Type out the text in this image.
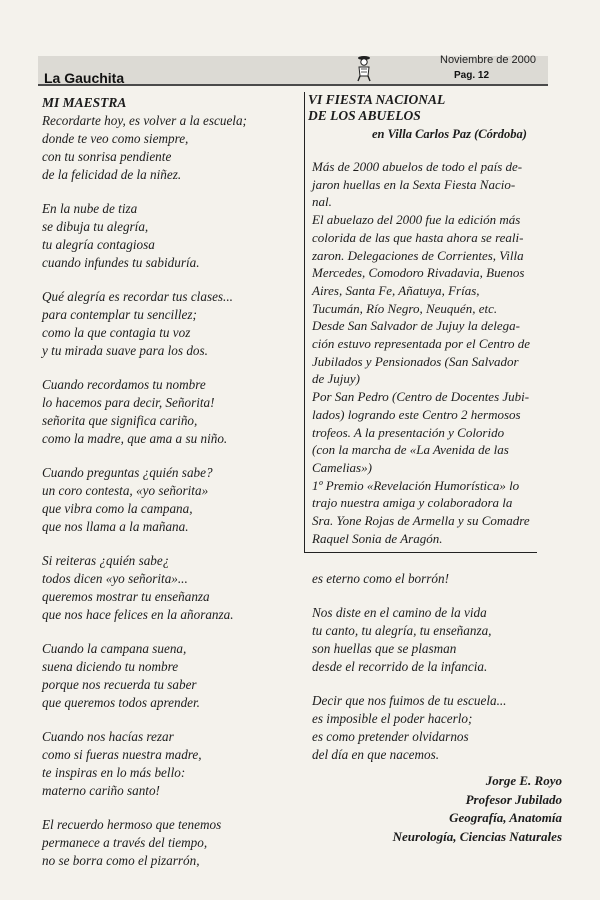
La Gauchita
Noviembre de 2000
Pag. 12
MI MAESTRA
Recordarte hoy, es volver a la escuela;
donde te veo como siempre,
con tu sonrisa pendiente
de la felicidad de la niñez.
En la nube de tiza
se dibuja tu alegría,
tu alegría contagiosa
cuando infundes tu sabiduría.
Qué alegría es recordar tus clases...
para contemplar tu sencillez;
como la que contagia tu voz
y tu mirada suave para los dos.
Cuando recordamos tu nombre
lo hacemos para decir, Señorita!
señorita que significa cariño,
como la madre, que ama a su niño.
Cuando preguntas ¿quién sabe?
un coro contesta, «yo señorita»
que vibra como la campana,
que nos llama a la mañana.
Si reiteras ¿quién sabe¿
todos dicen «yo señorita»...
queremos mostrar tu enseñanza
que nos hace felices en la añoranza.
Cuando la campana suena,
suena diciendo tu nombre
porque nos recuerda tu saber
que queremos todos aprender.
Cuando nos hacías rezar
como si fueras nuestra madre,
te inspiras en lo más bello:
materno cariño santo!
El recuerdo hermoso que tenemos
permanece a través del tiempo,
no se borra como el pizarrón,
VI FIESTA NACIONAL
DE LOS ABUELOS
en Villa Carlos Paz (Córdoba)
Más de 2000 abuelos de todo el país de-
jaron huellas en la Sexta Fiesta Nacio-
nal.
El abuelazo del 2000 fue la edición más
colorida de las que hasta ahora se reali-
zaron. Delegaciones de Corrientes, Villa
Mercedes, Comodoro Rivadavia, Buenos
Aires, Santa Fe, Añatuya, Frías,
Tucumán, Río Negro, Neuquén, etc.
Desde San Salvador de Jujuy la delega-
ción estuvo representada por el Centro de
Jubilados y Pensionados (San Salvador
de Jujuy)
Por San Pedro (Centro de Docentes Jubi-
lados) logrando este Centro 2 hermosos
trofeos. A la presentación y Colorido
(con la marcha de «La Avenida de las
Camelias»)
1º Premio «Revelación Humorística» lo
trajo nuestra amiga y colaboradora la
Sra. Yone Rojas de Armella y su Comadre
Raquel Sonia de Aragón.
es eterno como el borrón!
Nos diste en el camino de la vida
tu canto, tu alegría, tu enseñanza,
son huellas que se plasman
desde el recorrido de la infancia.
Decir que nos fuimos de tu escuela...
es imposible el poder hacerlo;
es como pretender olvidarnos
del día en que nacemos.
Jorge E. Royo
Profesor Jubilado
Geografía, Anatomía
Neurología, Ciencias Naturales
